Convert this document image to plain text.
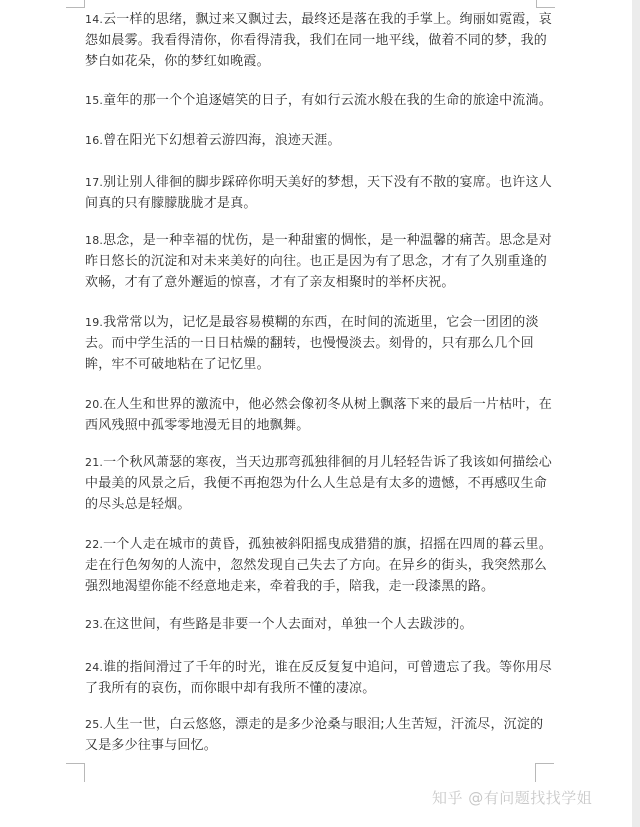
14.云一样的思绪，飘过来又飘过去，最终还是落在我的手掌上。绚丽如霓霞，哀怨如晨雾。我看得清你，你看得清我，我们在同一地平线，做着不同的梦，我的梦白如花朵，你的梦红如晚霞。
15.童年的那一个个追逐嬉笑的日子，有如行云流水般在我的生命的旅途中流淌。
16.曾在阳光下幻想着云游四海，浪迹天涯。
17.别让别人徘徊的脚步踩碎你明天美好的梦想，天下没有不散的宴席。也许这人间真的只有朦朦胧胧才是真。
18.思念，是一种幸福的忧伤，是一种甜蜜的惆怅，是一种温馨的痛苦。思念是对昨日悠长的沉淀和对未来美好的向往。也正是因为有了思念，才有了久别重逢的欢畅，才有了意外邂逅的惊喜，才有了亲友相聚时的举杯庆祝。
19.我常常以为，记忆是最容易模糊的东西，在时间的流逝里，它会一团团的淡去。而中学生活的一日日枯燥的翻转，也慢慢淡去。刻骨的，只有那么几个回眸，牢不可破地粘在了记忆里。
20.在人生和世界的激流中，他必然会像初冬从树上飘落下来的最后一片枯叶，在西风残照中孤零零地漫无目的地飘舞。
21.一个秋风萧瑟的寒夜，当天边那弯孤独徘徊的月儿轻轻告诉了我该如何描绘心中最美的风景之后，我便不再抱怨为什么人生总是有太多的遗憾，不再感叹生命的尽头总是轻烟。
22.一个人走在城市的黄昏，孤独被斜阳摇曳成猎猎的旗，招摇在四周的暮云里。走在行色匆匆的人流中，忽然发现自己失去了方向。在异乡的街头，我突然那么强烈地渴望你能不经意地走来，牵着我的手，陪我，走一段漆黑的路。
23.在这世间，有些路是非要一个人去面对，单独一个人去跋涉的。
24.谁的指间滑过了千年的时光，谁在反反复复中追问，可曾遗忘了我。等你用尽了我所有的哀伤，而你眼中却有我所不懂的凄凉。
25.人生一世，白云悠悠，漂走的是多少沧桑与眼泪;人生苦短，汗流尽，沉淀的又是多少往事与回忆。
知乎 @有问题找找学姐
